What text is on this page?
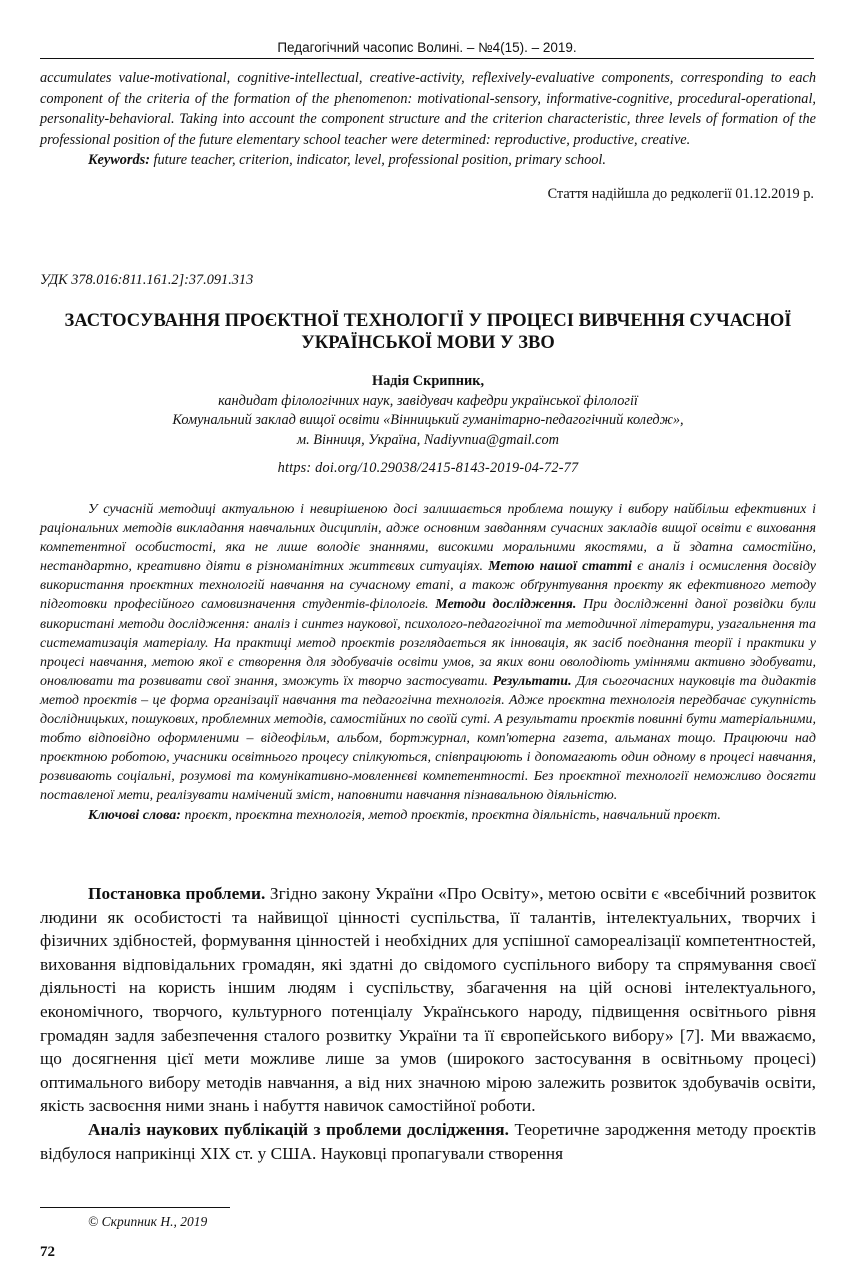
Педагогічний часопис Волині. – №4(15). – 2019.

accumulates value-motivational, cognitive-intellectual, creative-activity, reflexively-evaluative components, corresponding to each component of the criteria of the formation of the phenomenon: motivational-sensory, informative-cognitive, procedural-operational, personality-behavioral. Taking into account the component structure and the criterion characteristic, three levels of formation of the professional position of the future elementary school teacher were determined: reproductive, productive, creative.

Keywords: future teacher, criterion, indicator, level, professional position, primary school.

Стаття надійшла до редколегії 01.12.2019 р.
УДК 378.016:811.161.2]:37.091.313
ЗАСТОСУВАННЯ ПРОЄКТНОЇ ТЕХНОЛОГІЇ У ПРОЦЕСІ ВИВЧЕННЯ СУЧАСНОЇ УКРАЇНСЬКОЇ МОВИ У ЗВО
Надія Скрипник,
кандидат філологічних наук, завідувач кафедри української філології
Комунальний заклад вищої освіти «Вінницький гуманітарно-педагогічний коледж»,
м. Вінниця, Україна, Nadiyvnua@gmail.com
https: doi.org/10.29038/2415-8143-2019-04-72-77

У сучасній методиці актуальною і невирішеною досі залишається проблема пошуку і вибору найбільш ефективних і раціональних методів викладання навчальних дисциплін, адже основним завданням сучасних закладів вищої освіти є виховання компетентної особистості, яка не лише володіє знаннями, високими моральними якостями, а й здатна самостійно, нестандартно, креативно діяти в різноманітних життєвих ситуаціях. Метою нашої статті є аналіз і осмислення досвіду використання проєктних технологій навчання на сучасному етапі, а також обґрунтування проєкту як ефективного методу підготовки професійного самовизначення студентів-філологів. Методи дослідження. При дослідженні даної розвідки були використані методи дослідження: аналіз і синтез наукової, психолого-педагогічної та методичної літератури, узагальнення та систематизація матеріалу. На практиці метод проєктів розглядається як інновація, як засіб поєднання теорії і практики у процесі навчання, метою якої є створення для здобувачів освіти умов, за яких вони оволодіють уміннями активно здобувати, оновлювати та розвивати свої знання, зможуть їх творчо застосувати. Результати. Для сьогочасних науковців та дидактів метод проєктів – це форма організації навчання та педагогічна технологія. Адже проєктна технологія передбачає сукупність дослідницьких, пошукових, проблемних методів, самостійних по своїй суті. А результати проєктів повинні бути матеріальними, тобто відповідно оформленими – відеофільм, альбом, бортжурнал, комп'ютерна газета, альманах тощо. Працюючи над проєктною роботою, учасники освітнього процесу спілкуються, співпрацюють і допомагають один одному в процесі навчання, розвивають соціальні, розумові та комунікативно-мовленнєві компетентності. Без проєктної технології неможливо досягти поставленої мети, реалізувати намічений зміст, наповнити навчання пізнавальною діяльністю.

Ключові слова: проєкт, проєктна технологія, метод проєктів, проєктна діяльність, навчальний проєкт.

Постановка проблеми. Згідно закону України «Про Освіту», метою освіти є «всебічний розвиток людини як особистості та найвищої цінності суспільства, її талантів, інтелектуальних, творчих і фізичних здібностей, формування цінностей і необхідних для успішної самореалізації компетентностей, виховання відповідальних громадян, які здатні до свідомого суспільного вибору та спрямування своєї діяльності на користь іншим людям і суспільству, збагачення на цій основі інтелектуального, економічного, творчого, культурного потенціалу Українського народу, підвищення освітнього рівня громадян задля забезпечення сталого розвитку України та її європейського вибору» [7]. Ми вважаємо, що досягнення цієї мети можливе лише за умов (широкого застосування в освітньому процесі) оптимального вибору методів навчання, а від них значною мірою залежить розвиток здобувачів освіти, якість засвоєння ними знань і набуття навичок самостійної роботи.

Аналіз наукових публікацій з проблеми дослідження. Теоретичне зародження методу проєктів відбулося наприкінці ХІХ ст. у США. Науковці пропагували створення

© Скрипник Н., 2019
72
